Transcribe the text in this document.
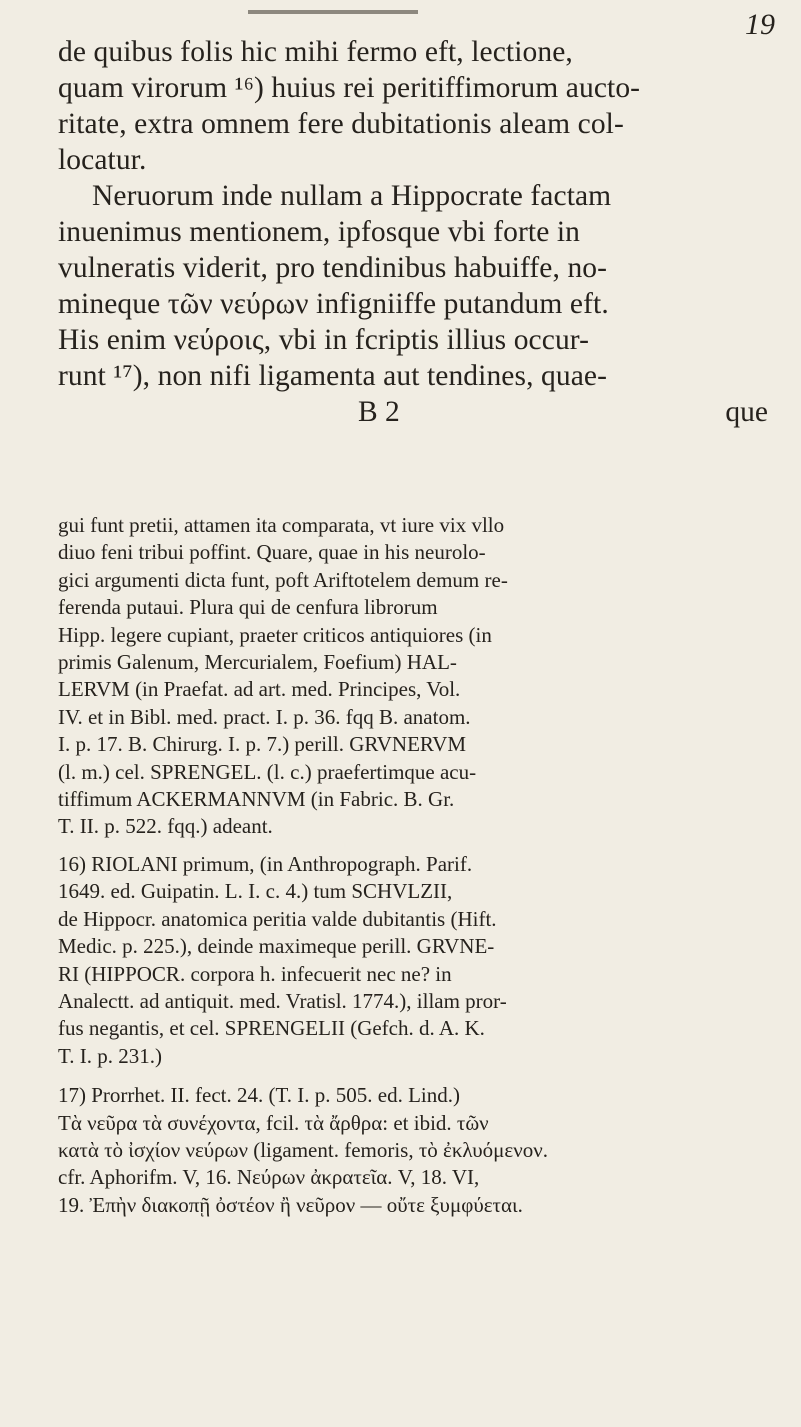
19
de quibus folis hic mihi fermo eft, lectione,
quam virorum ¹⁶) huius rei peritiffimorum aucto-
ritate, extra omnem fere dubitationis aleam col-
locatur.
Neruorum inde nullam a Hippocrate factam
inuenimus mentionem, ipfosque vbi forte in
vulneratis viderit, pro tendinibus habuiffe, no-
mineque τῶν νεύρων infigniiffe putandum eft.
His enim νεύροις, vbi in fcriptis illius occur-
runt ¹⁷), non nifi ligamenta aut tendines, quae-
B 2	que
gui funt pretii, attamen ita comparata, vt iure vix vllo
diuo feni tribui poffint. Quare, quae in his neurolo-
gici argumenti dicta funt, poft Ariftotelem demum re-
ferenda putaui. Plura qui de cenfura librorum
Hipp. legere cupiant, praeter criticos antiquiores (in
primis Galenum, Mercurialem, Foefium) HAL-
LERVM (in Praefat. ad art. med. Principes, Vol.
IV. et in Bibl. med. pract. I. p. 36. fqq B. anatom.
I. p. 17. B. Chirurg. I. p. 7.) perill. GRVNERVM
(l. m.) cel. SPRENGEL. (l. c.) praefertimque acu-
tiffimum ACKERMANNVM (in Fabric. B. Gr.
T. II. p. 522. fqq.) adeant.
16) RIOLANI primum, (in Anthropograph. Parif.
1649. ed. Guipatin. L. I. c. 4.) tum SCHVLZII,
de Hippocr. anatomica peritia valde dubitantis (Hift.
Medic. p. 225.), deinde maximeque perill. GRVNE-
RI (HIPPOCR. corpora h. infecuerit nec ne? in
Analectt. ad antiquit. med. Vratisl. 1774.), illam pror-
fus negantis, et cel. SPRENGELII (Gefch. d. A. K.
T. I. p. 231.)
17) Prorrhet. II. fect. 24. (T. I. p. 505. ed. Lind.)
Τὰ νεῦρα τὰ συνέχοντα, fcil. τὰ ἄρθρα: et ibid. τῶν
κατὰ τὸ ἰσχίον νεύρων (ligament. femoris, τὸ ἐκλυόμενον.
cfr. Aphorifm. V, 16. Νεύρων ἀκρατεῖα. V, 18. VI,
19. Ἐπὴν διακοπῇ ὀστέον ἢ νεῦρον — οὔτε ξυμφύεται.
